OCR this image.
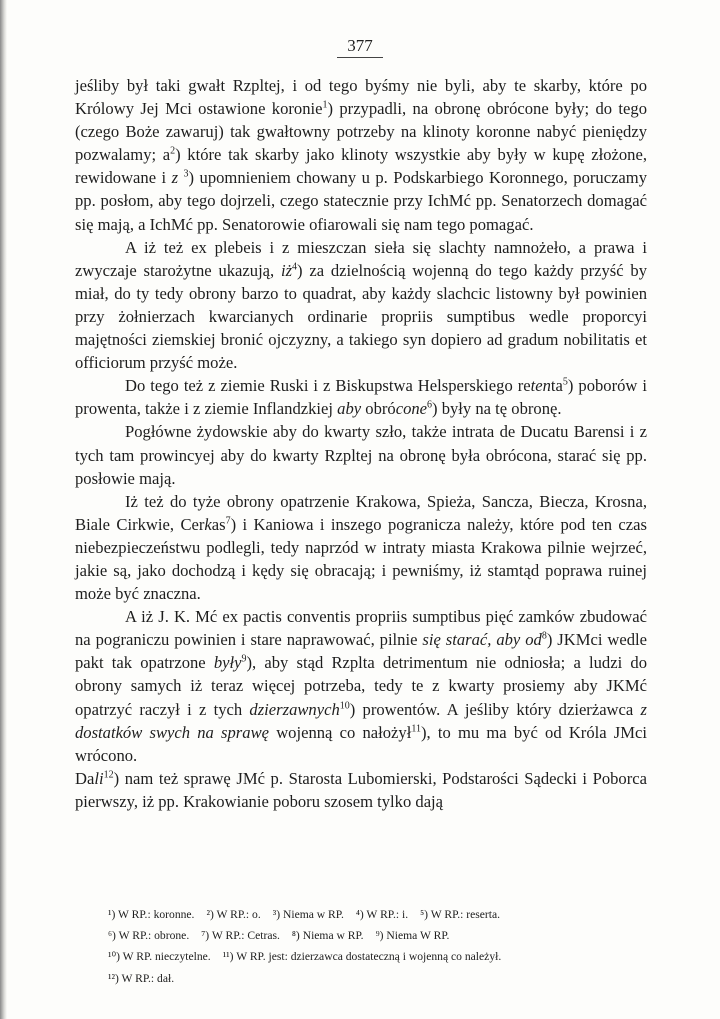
377

jeśliby był taki gwałt Rzpltej, i od tego byśmy nie byli, aby te skarby, które po Królowy Jej Mci ostawione koronie$^1$) przypadli, na obronę obrócone były; do tego (czego Boże zawaruj) tak gwałtowny potrzeby na klinoty koronne nabyć pieniędzy pozwalamy; $a^2$) które tak skarby jako klinoty wszystkie aby były w kupę złożone, rewidowane i z $^3$) upomnieniem chowany u p. Podskarbiego Koronnego, poruczamy pp. posłom, aby tego dojrzeli, czego statecznie przy IchMć pp. Senatorzech domagać się mają, a IchMć pp. Senatorowie ofiarowali się nam tego pomagać.

A iż też ex plebeis i z mieszczan sieła się slachty namnożeło, a prawa i zwyczaje starożytne ukazują, $iż^4$) za dzielnością wojenną do tego każdy przyść by miał, do ty tedy obrony barzo to quadrat, aby każdy slachcic listowny był powinien przy żołnierzach kwarcianych ordinarie propriis sumptibus wedle proporcyi majętności ziemskiej bronić ojczyzny, a takiego syn dopiero ad gradum nobilitatis et officiorum przyść może.

Do tego też z ziemie Ruski i z Biskupstwa Helsperskiego retenta$^5$) poborów i prowenta, także i z ziemie Inflandzkiej aby obrócone$^6$) były na tę obronę.

Pogłówne żydowskie aby do kwarty szło, także intrata de Ducatu Barensi i z tych tam prowincyej aby do kwarty Rzpltej na obronę była obrócona, starać się pp. posłowie mają.

Iż też do tyże obrony opatrzenie Krakowa, Spieża, Sancza, Biecza, Krosna, Biale Cirkwie, Cerkas$^7$) i Kaniowa i inszego pogranicza należy, które pod ten czas niebezpieczeństwu podlegli, tedy naprzód w intraty miasta Krakowa pilnie wejrzeć, jakie są, jako dochodzą i kędy się obracają; i pewniśmy, iż stamtąd poprawa ruinej może być znaczna.

A iż J. K. Mć ex pactis conventis propriis sumptibus pięć zamków zbudować na pograniczu powinien i stare naprawować, pilnie się starać, aby $od^8$) JKMci wedle pakt tak opatrzone były$^9$), aby stąd Rzplta detrimentum nie odniosła; a ludzi do obrony samych iż teraz więcej potrzeba, tedy te z kwarty prosiemy aby JKMć opatrzyć raczył i z tych dzierzawnych$^{10}$) prowentów. A jeśliby który dzierżawca z dostatków swych na sprawę wojenną co nałożył$^{11}$), to mu ma być od Króla JMci wrócono.

Dali$^{12}$) nam też sprawę JMć p. Starosta Lubomierski, Podstarości Sądecki i Poborca pierwszy, iż pp. Krakowianie poboru szosem tylko dają

¹) W RP.: koronne. ²) W RP.: o. ³) Niema w RP. ⁴) W RP.: i. ⁵) W RP.: reserta.
⁶) W RP.: obrone. ⁷) W RP.: Cetras. ⁸) Niema w RP. ⁹) Niema W RP.
¹⁰) W RP. nieczytelne. ¹¹) W RP. jest: dzierzawca dostateczną i wojenną co należył.
¹²) W RP.: dał.
